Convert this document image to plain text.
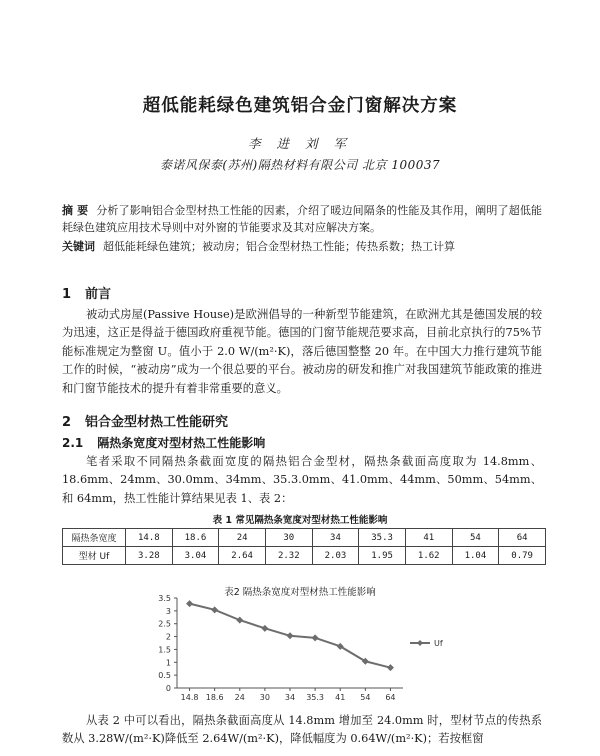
超低能耗绿色建筑铝合金门窗解决方案
李 进 刘 军
泰诺风保泰(苏州)隔热材料有限公司 北京 100037
摘 要 分析了影响铝合金型材热工性能的因素，介绍了暖边间隔条的性能及其作用，阐明了超低能耗绿色建筑应用技术导则中对外窗的节能要求及其对应解决方案。
关键词 超低能耗绿色建筑；被动房；铝合金型材热工性能；传热系数；热工计算
1 前言
被动式房屋(Passive House)是欧洲倡导的一种新型节能建筑，在欧洲尤其是德国发展的较为迅速，这正是得益于德国政府重视节能。德国的门窗节能规范要求高，目前北京执行的75%节能标准规定为整窗 U。值小于 2.0 W/(m²·K)，落后德国整整 20 年。在中国大力推行建筑节能工作的时候，“被动房”成为一个很总要的平台。被动房的研发和推广对我国建筑节能政策的推进和门窗节能技术的提升有着非常重要的意义。
2 铝合金型材热工性能研究
2.1 隔热条宽度对型材热工性能影响
笔者采取不同隔热条截面宽度的隔热铝合金型材，隔热条截面高度取为 14.8mm、18.6mm、24mm、30.0mm、34mm、35.3.0mm、41.0mm、44mm、50mm、54mm、和 64mm，热工性能计算结果见表 1、表 2：
表 1 常见隔热条宽度对型材热工性能影响
隔热条宽度	14.8	18.6	24	30	34	35.3	41	54	64
型材 Uf	3.28	3.04	2.64	2.32	2.03	1.95	1.62	1.04	0.79
表2 隔热条宽度对型材热工性能影响
0
0.5
1
1.5
2
2.5
3
3.5
14.8 18.6 24 30 34 35.3 41 54 64
Uf
从表 2 中可以看出，隔热条截面高度从 14.8mm 增加至 24.0mm 时，型材节点的传热系数从 3.28W/(m²·K)降低至 2.64W/(m²·K)，降低幅度为 0.64W/(m²·K)；若按框窗
